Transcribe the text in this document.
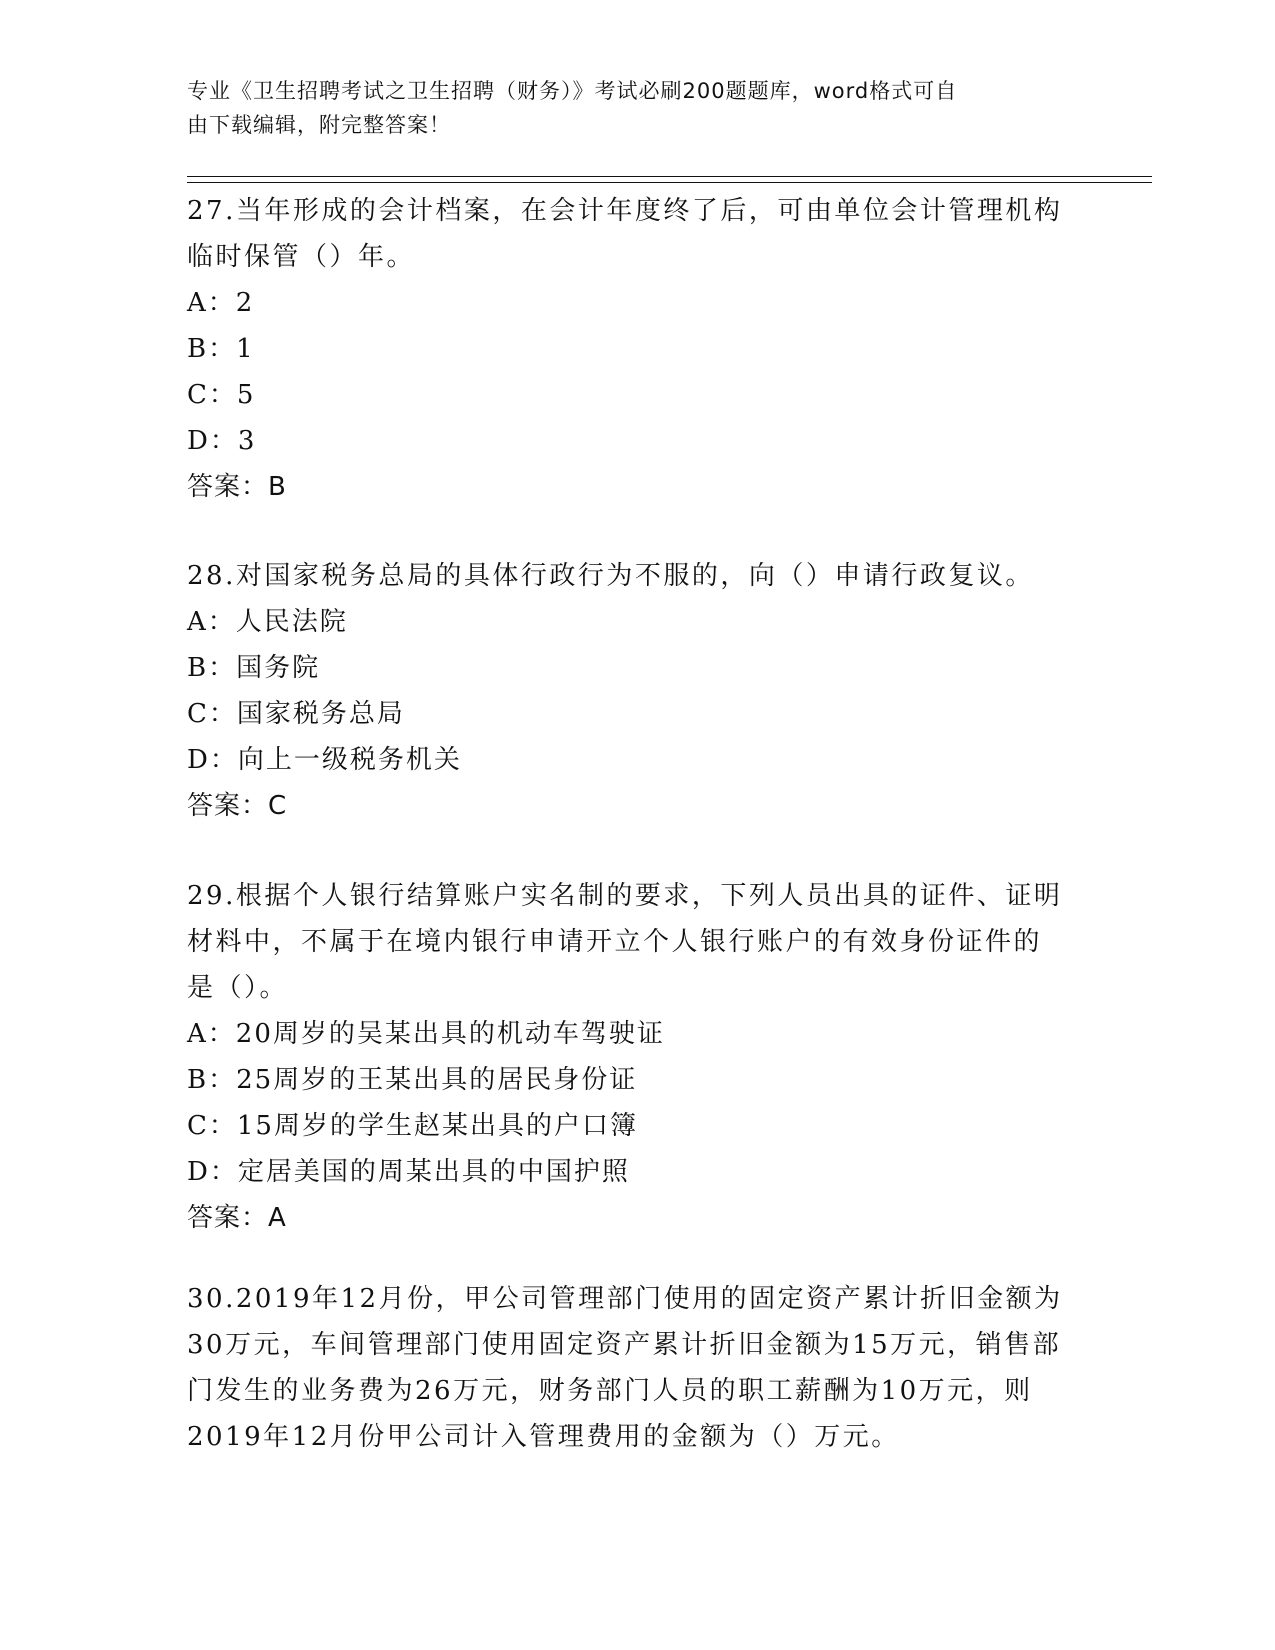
专业《卫生招聘考试之卫生招聘（财务）》考试必刷200题题库，word格式可自
由下载编辑，附完整答案！

27.当年形成的会计档案，在会计年度终了后，可由单位会计管理机构

临时保管（）年。

A：2

B：1

C：5

D：3

答案：B

28.对国家税务总局的具体行政行为不服的，向（）申请行政复议。

A：人民法院

B：国务院

C：国家税务总局

D：向上一级税务机关

答案：C

29.根据个人银行结算账户实名制的要求，下列人员出具的证件、证明

材料中，不属于在境内银行申请开立个人银行账户的有效身份证件的

是（）。

A：20周岁的吴某出具的机动车驾驶证

B：25周岁的王某出具的居民身份证

C：15周岁的学生赵某出具的户口簿

D：定居美国的周某出具的中国护照

答案：A

30.2019年12月份，甲公司管理部门使用的固定资产累计折旧金额为

30万元，车间管理部门使用固定资产累计折旧金额为15万元，销售部

门发生的业务费为26万元，财务部门人员的职工薪酬为10万元，则

2019年12月份甲公司计入管理费用的金额为（）万元。
